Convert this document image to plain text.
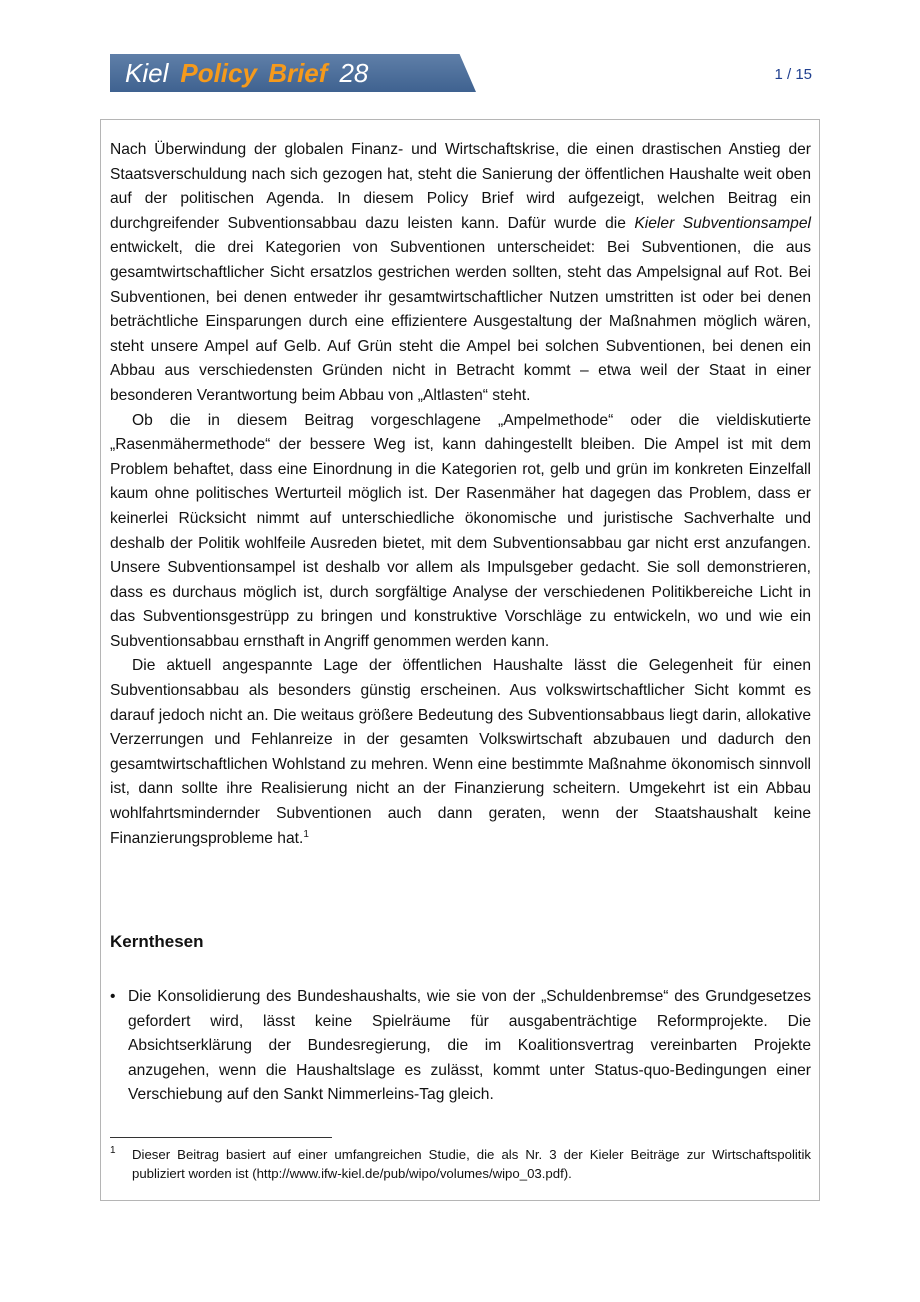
Kiel Policy Brief 28	1 / 15

Nach Überwindung der globalen Finanz- und Wirtschaftskrise, die einen drastischen Anstieg der Staatsverschuldung nach sich gezogen hat, steht die Sanierung der öffentlichen Haushalte weit oben auf der politischen Agenda. In diesem Policy Brief wird aufgezeigt, welchen Beitrag ein durchgreifender Subventionsabbau dazu leisten kann. Dafür wurde die Kieler Subventionsampel entwickelt, die drei Kategorien von Subventionen unterscheidet: Bei Subventionen, die aus gesamtwirtschaftlicher Sicht ersatzlos gestrichen werden sollten, steht das Ampelsignal auf Rot. Bei Subventionen, bei denen entweder ihr gesamtwirtschaftlicher Nutzen umstritten ist oder bei denen beträchtliche Einsparungen durch eine effizientere Ausgestaltung der Maßnahmen möglich wären, steht unsere Ampel auf Gelb. Auf Grün steht die Ampel bei solchen Subventionen, bei denen ein Abbau aus verschiedensten Gründen nicht in Betracht kommt – etwa weil der Staat in einer besonderen Verantwortung beim Abbau von „Altlasten“ steht.

Ob die in diesem Beitrag vorgeschlagene „Ampelmethode“ oder die vieldiskutierte „Rasenmähermethode“ der bessere Weg ist, kann dahingestellt bleiben. Die Ampel ist mit dem Problem behaftet, dass eine Einordnung in die Kategorien rot, gelb und grün im konkreten Einzelfall kaum ohne politisches Werturteil möglich ist. Der Rasenmäher hat dagegen das Problem, dass er keinerlei Rücksicht nimmt auf unterschiedliche ökonomische und juristische Sachverhalte und deshalb der Politik wohlfeile Ausreden bietet, mit dem Subventionsabbau gar nicht erst anzufangen. Unsere Subventionsampel ist deshalb vor allem als Impulsgeber gedacht. Sie soll demonstrieren, dass es durchaus möglich ist, durch sorgfältige Analyse der verschiedenen Politikbereiche Licht in das Subventionsgestrüpp zu bringen und konstruktive Vorschläge zu entwickeln, wo und wie ein Subventionsabbau ernsthaft in Angriff genommen werden kann.

Die aktuell angespannte Lage der öffentlichen Haushalte lässt die Gelegenheit für einen Subventionsabbau als besonders günstig erscheinen. Aus volkswirtschaftlicher Sicht kommt es darauf jedoch nicht an. Die weitaus größere Bedeutung des Subventionsabbaus liegt darin, allokative Verzerrungen und Fehlanreize in der gesamten Volkswirtschaft abzubauen und dadurch den gesamtwirtschaftlichen Wohlstand zu mehren. Wenn eine bestimmte Maßnahme ökonomisch sinnvoll ist, dann sollte ihre Realisierung nicht an der Finanzierung scheitern. Umgekehrt ist ein Abbau wohlfahrtsmindernder Subventionen auch dann geraten, wenn der Staatshaushalt keine Finanzierungsprobleme hat.$^1$

Kernthesen
• Die Konsolidierung des Bundeshaushalts, wie sie von der „Schuldenbremse“ des Grundgesetzes gefordert wird, lässt keine Spielräume für ausgabenträchtige Reformprojekte. Die Absichtserklärung der Bundesregierung, die im Koalitionsvertrag vereinbarten Projekte anzugehen, wenn die Haushaltslage es zulässt, kommt unter Status-quo-Bedingungen einer Verschiebung auf den Sankt Nimmerleins-Tag gleich.
1 Dieser Beitrag basiert auf einer umfangreichen Studie, die als Nr. 3 der Kieler Beiträge zur Wirtschaftspolitik publiziert worden ist (http://www.ifw-kiel.de/pub/wipo/volumes/wipo_03.pdf).
